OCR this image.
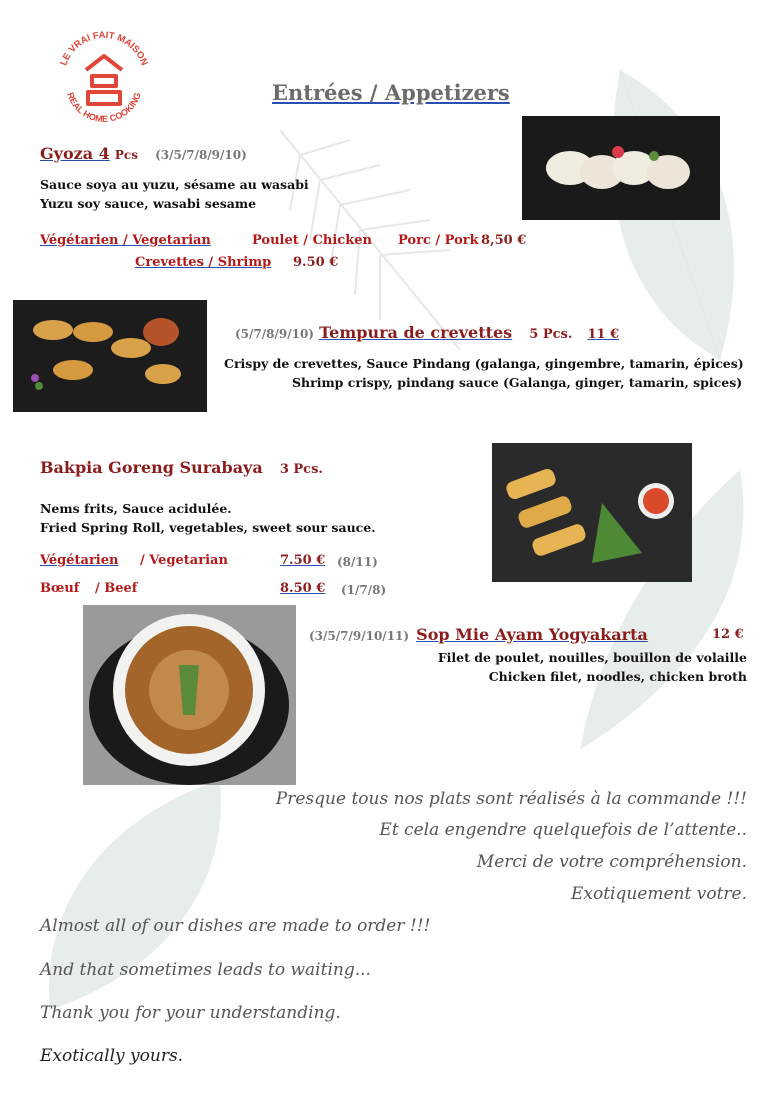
LE VRAI FAIT MAISON
REAL HOME COOKING	Entrées / Appetizers
Gyoza 4 Pcs (3/5/7/8/9/10)
Sauce soya au yuzu, sésame au wasabi
Yuzu soy sauce, wasabi sesame
Végétarien / Vegetarian	Poulet / Chicken Porc / Pork 8,50 €
Crevettes / Shrimp 9.50 €
(5/7/8/9/10) Tempura de crevettes 5 Pcs. 11 €
Crispy de crevettes, Sauce Pindang (galanga, gingembre, tamarin, épices)
Shrimp crispy, pindang sauce (Galanga, ginger, tamarin, spices)
Bakpia Goreng Surabaya 3 Pcs.
Nems frits, Sauce acidulée.
Fried Spring Roll, vegetables, sweet sour sauce.
Végétarien / Vegetarian	7.50 € (8/11)
Bœuf / Beef	8.50 € (1/7/8)
(3/5/7/9/10/11) Sop Mie Ayam Yogyakarta	12 €
Filet de poulet, nouilles, bouillon de volaille
Chicken filet, noodles, chicken broth
Presque tous nos plats sont réalisés à la commande !!!
Et cela engendre quelquefois de l’attente..
Merci de votre compréhension.
Exotiquement votre.
Almost all of our dishes are made to order !!!
And that sometimes leads to waiting...
Thank you for your understanding.
Exotically yours.
